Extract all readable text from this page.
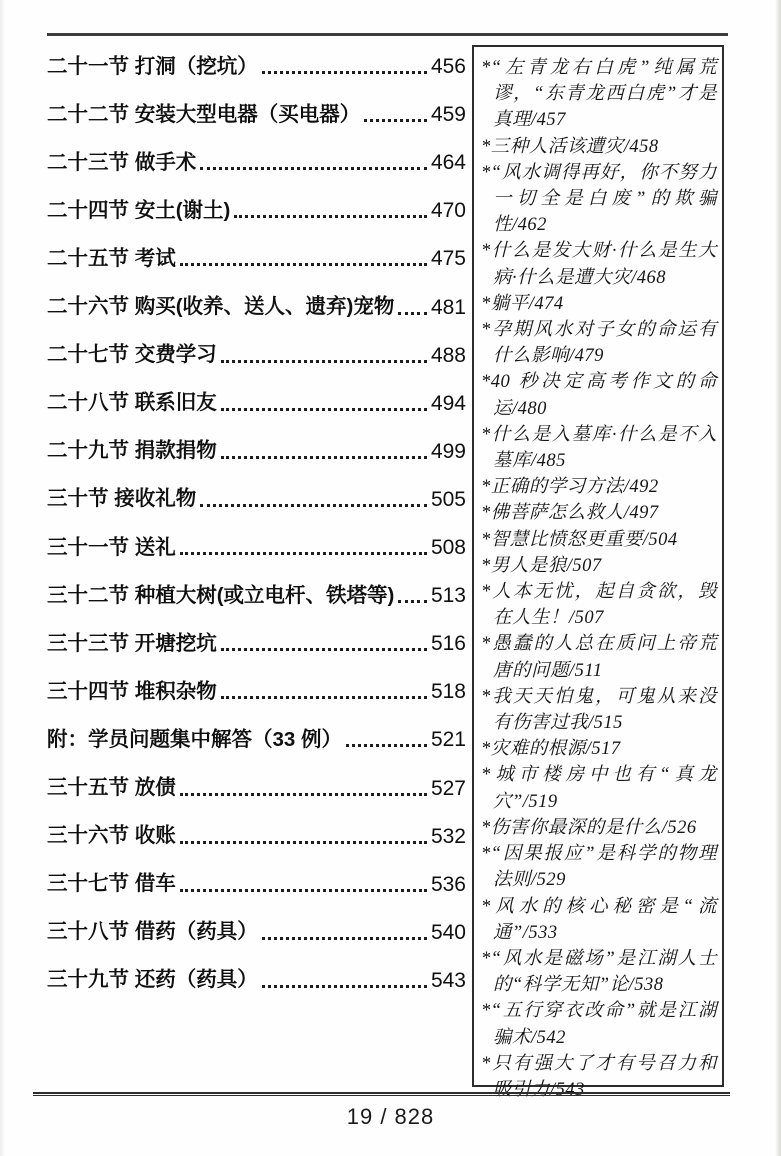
二十一节 打洞（挖坑）	456
二十二节 安装大型电器（买电器）	459
二十三节 做手术	464
二十四节 安土(谢土)	470
二十五节 考试	475
二十六节 购买(收养、送人、遗弃)宠物 481
二十七节 交费学习	488
二十八节 联系旧友	494
二十九节 捐款捐物	499
三十节 接收礼物	505
三十一节 送礼	508
三十二节 种植大树(或立电杆、铁塔等) 513
三十三节 开塘挖坑	516
三十四节 堆积杂物	518
附：学员问题集中解答（33 例）	521
三十五节 放债	527
三十六节 收账	532
三十七节 借车	536
三十八节 借药（药具）	540
三十九节 还药（药具）	543
*“左青龙右白虎”纯属荒谬，“东青龙西白虎”才是真理/457
*三种人活该遭灾/458
*“风水调得再好，你不努力一切全是白废”的欺骗性/462
*什么是发大财·什么是生大病·什么是遭大灾/468
*躺平/474
*孕期风水对子女的命运有什么影响/479
*40 秒决定高考作文的命运/480
*什么是入墓库·什么是不入墓库/485
*正确的学习方法/492
*佛菩萨怎么救人/497
*智慧比愤怒更重要/504
*男人是狼/507
*人本无忧，起自贪欲，毁在人生！/507
*愚蠢的人总在质问上帝荒唐的问题/511
*我天天怕鬼，可鬼从来没有伤害过我/515
*灾难的根源/517
*城市楼房中也有“真龙穴”/519
*伤害你最深的是什么/526
*“因果报应”是科学的物理法则/529
*风水的核心秘密是“流通”/533
*“风水是磁场”是江湖人士的“科学无知”论/538
*“五行穿衣改命”就是江湖骗术/542
*只有强大了才有号召力和吸引力/543
19 / 828
